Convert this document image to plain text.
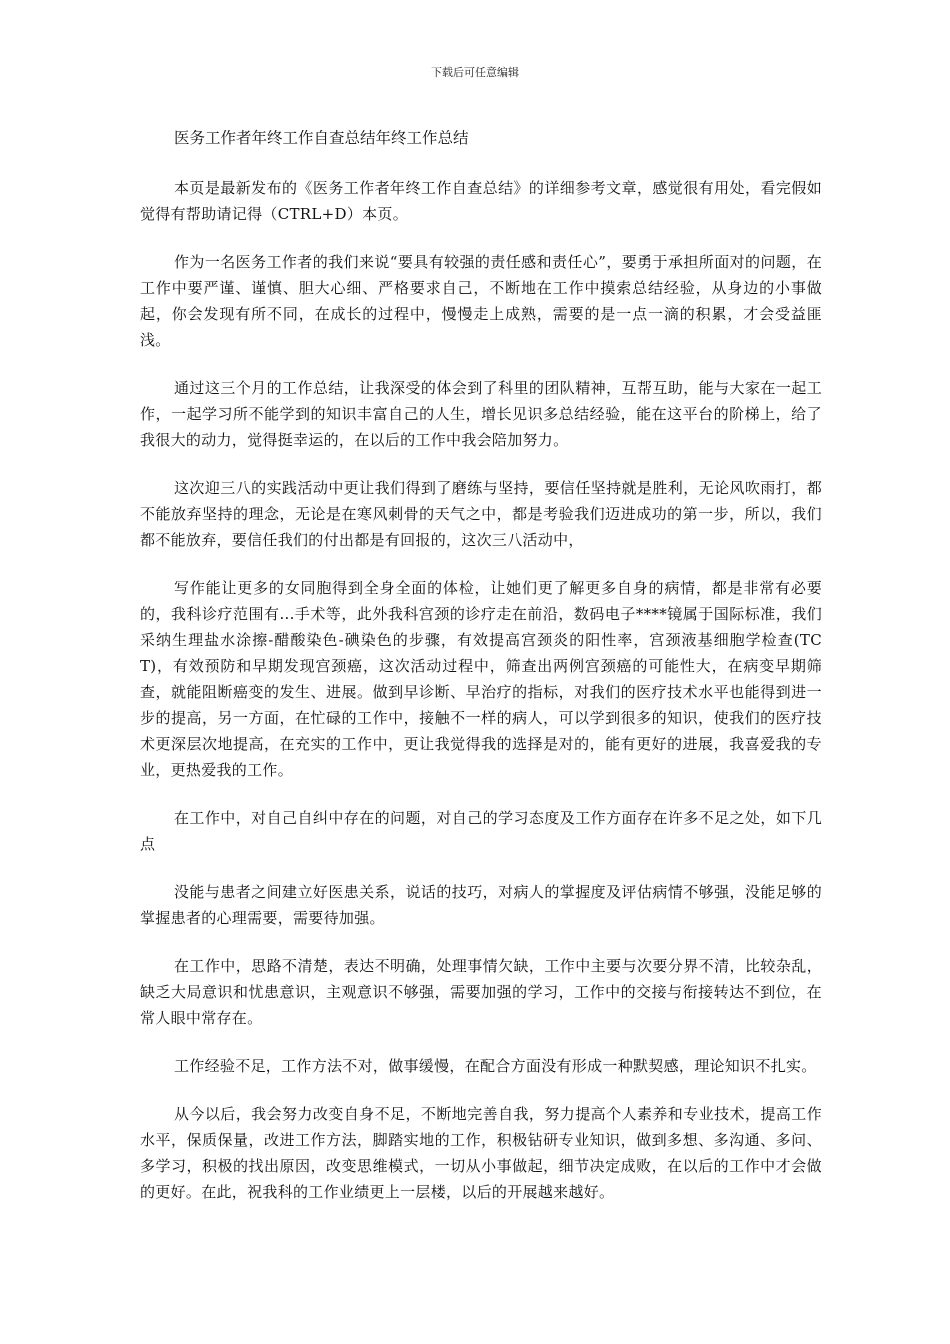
下载后可任意编辑
医务工作者年终工作自查总结年终工作总结

本页是最新发布的《医务工作者年终工作自查总结》的详细参考文章，感觉很有用处，看完假如觉得有帮助请记得（CTRL+D）本页。

作为一名医务工作者的我们来说“要具有较强的责任感和责任心”，要勇于承担所面对的问题，在工作中要严谨、谨慎、胆大心细、严格要求自己，不断地在工作中摸索总结经验，从身边的小事做起，你会发现有所不同，在成长的过程中，慢慢走上成熟，需要的是一点一滴的积累，才会受益匪浅。

通过这三个月的工作总结，让我深受的体会到了科里的团队精神，互帮互助，能与大家在一起工作，一起学习所不能学到的知识丰富自己的人生，增长见识多总结经验，能在这平台的阶梯上，给了我很大的动力，觉得挺幸运的，在以后的工作中我会陪加努力。

这次迎三八的实践活动中更让我们得到了磨练与坚持，要信任坚持就是胜利，无论风吹雨打，都不能放弃坚持的理念，无论是在寒风刺骨的天气之中，都是考验我们迈进成功的第一步，所以，我们都不能放弃，要信任我们的付出都是有回报的，这次三八活动中，

写作能让更多的女同胞得到全身全面的体检，让她们更了解更多自身的病情，都是非常有必要的，我科诊疗范围有...手术等，此外我科宫颈的诊疗走在前沿，数码电子****镜属于国际标准，我们采纳生理盐水涂擦-醋酸染色-碘染色的步骤，有效提高宫颈炎的阳性率，宫颈液基细胞学检查(TCT)，有效预防和早期发现宫颈癌，这次活动过程中，筛查出两例宫颈癌的可能性大，在病变早期筛查，就能阻断癌变的发生、进展。做到早诊断、早治疗的指标，对我们的医疗技术水平也能得到进一步的提高，另一方面，在忙碌的工作中，接触不一样的病人，可以学到很多的知识，使我们的医疗技术更深层次地提高，在充实的工作中，更让我觉得我的选择是对的，能有更好的进展，我喜爱我的专业，更热爱我的工作。

在工作中，对自己自纠中存在的问题，对自己的学习态度及工作方面存在许多不足之处，如下几点

没能与患者之间建立好医患关系，说话的技巧，对病人的掌握度及评估病情不够强，没能足够的掌握患者的心理需要，需要待加强。

在工作中，思路不清楚，表达不明确，处理事情欠缺，工作中主要与次要分界不清，比较杂乱，缺乏大局意识和忧患意识，主观意识不够强，需要加强的学习，工作中的交接与衔接转达不到位，在常人眼中常存在。

工作经验不足，工作方法不对，做事缓慢，在配合方面没有形成一种默契感，理论知识不扎实。

从今以后，我会努力改变自身不足，不断地完善自我，努力提高个人素养和专业技术，提高工作水平，保质保量，改进工作方法，脚踏实地的工作，积极钻研专业知识，做到多想、多沟通、多问、多学习，积极的找出原因，改变思维模式，一切从小事做起，细节决定成败，在以后的工作中才会做的更好。在此，祝我科的工作业绩更上一层楼，以后的开展越来越好。
